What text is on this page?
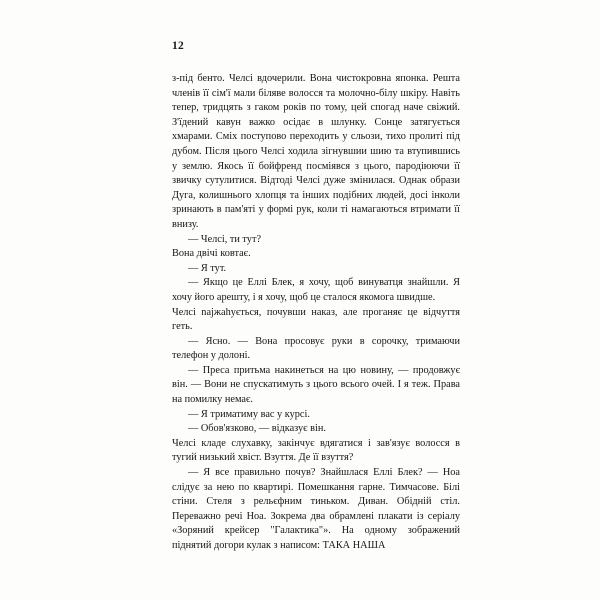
12

з-під бенто. Челсі вдочерили. Вона чистокровна японка. Решта членів її сім'ї мали біляве волосся та молочно-білу шкіру. Навіть тепер, тридцять з гаком років по тому, цей спогад наче свіжий. З'їдений кавун важко осідає в шлунку. Сонце затягується хмарами. Сміх поступово переходить у сльози, тихо пролиті під дубом. Після цього Челсі ходила зігнувшии шию та втупившись у землю. Якось її бойфренд посміявся з цього, пародіюючи її звичку сутулитися. Відтоді Челсі дуже змінилася. Однак образи Дуга, колишнього хлопця та інших подібних людей, досі інколи зринають в пам'яті у формі рук, коли ті намагаються втримати її внизу.

— Челсі, ти тут?

Вона двічі ковтає.

— Я тут.

— Якщо це Еллі Блек, я хочу, щоб винуватця знайшли. Я хочу його арешту, і я хочу, щоб це сталося якомога швидше.

Челсі najжаhyється, почувши наказ, але проганяє це відчуття геть.

— Ясно. — Вона просовує руки в сорочку, тримаючи телефон у долоні.

— Преса притьма накинеться на цю новину, — продовжує він. — Вони не спускатимуть з цього всього очей. І я теж. Права на помилку немає.

— Я триматиму вас у курсі.

— Обов'язково, — відказує він.

Челсі кладе слухавку, закінчує вдягатися і зав'язує волосся в тугий низький хвіст. Взуття. Де її взуття?

— Я все правильно почув? Знайшлася Еллі Блек? — Ноа слідує за нею по квартирі. Помешкання гарне. Тимчасове. Білі стіни. Стеля з рельєфним тиньком. Диван. Обідній стіл. Переважно речі Ноа. Зокрема два обрамлені плакати із серіалу «Зоряний крейсер "Галактика"». На одному зображений піднятий догори кулак з написом: ТАКА НАША
